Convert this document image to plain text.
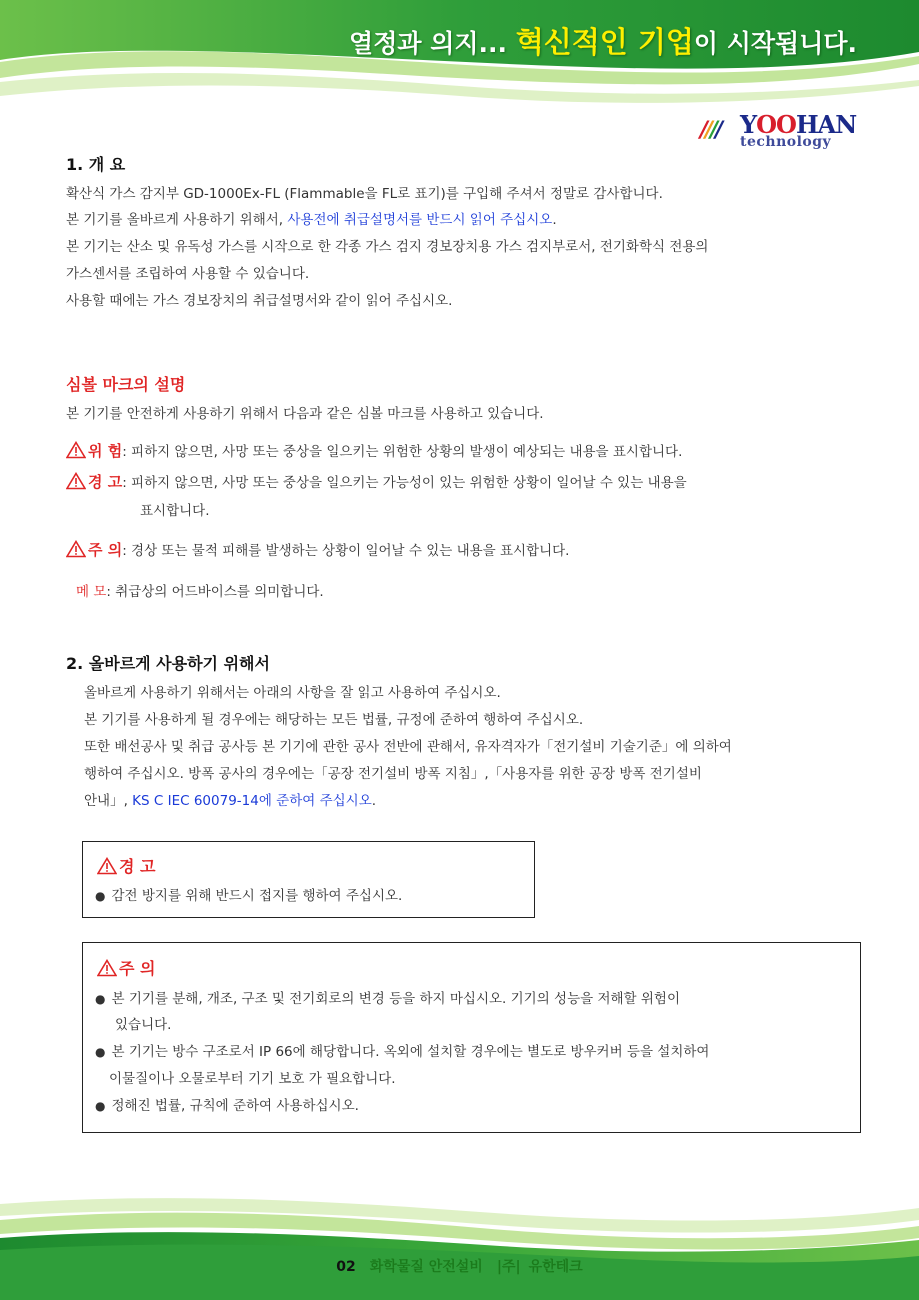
열정과 의지... 혁신적인 기업이 시작됩니다.
//// YOOHAN
technology
1. 개 요
확산식 가스 감지부 GD-1000Ex-FL (Flammable을 FL로 표기)를 구입해 주셔서 정말로 감사합니다.
본 기기를 올바르게 사용하기 위해서, 사용전에 취급설명서를 반드시 읽어 주십시오.
본 기기는 산소 및 유독성 가스를 시작으로 한 각종 가스 검지 경보장치용 가스 검지부로서, 전기화학식 전용의
가스센서를 조립하여 사용할 수 있습니다.
사용할 때에는 가스 경보장치의 취급설명서와 같이 읽어 주십시오.
심볼 마크의 설명
본 기기를 안전하게 사용하기 위해서 다음과 같은 심볼 마크를 사용하고 있습니다.
위 험: 피하지 않으면, 사망 또는 중상을 일으키는 위험한 상황의 발생이 예상되는 내용을 표시합니다.
경 고: 피하지 않으면, 사망 또는 중상을 일으키는 가능성이 있는 위험한 상황이 일어날 수 있는 내용을
표시합니다.
주 의: 경상 또는 물적 피해를 발생하는 상황이 일어날 수 있는 내용을 표시합니다.
메 모: 취급상의 어드바이스를 의미합니다.
2. 올바르게 사용하기 위해서
올바르게 사용하기 위해서는 아래의 사항을 잘 읽고 사용하여 주십시오.
본 기기를 사용하게 될 경우에는 해당하는 모든 법률, 규정에 준하여 행하여 주십시오.
또한 배선공사 및 취급 공사등 본 기기에 관한 공사 전반에 관해서, 유자격자가「전기설비 기술기준」에 의하여
행하여 주십시오. 방폭 공사의 경우에는「공장 전기설비 방폭 지침」,「사용자를 위한 공장 방폭 전기설비
안내」, KS C IEC 60079-14에 준하여 주십시오.
경 고
● 감전 방지를 위해 반드시 접지를 행하여 주십시오.
주 의
● 본 기기를 분해, 개조, 구조 및 전기회로의 변경 등을 하지 마십시오. 기기의 성능을 저해할 위험이
있습니다.
● 본 기기는 방수 구조로서 IP 66에 해당합니다. 옥외에 설치할 경우에는 별도로 방우커버 등을 설치하여
이물질이나 오물로부터 기기 보호 가 필요합니다.
● 정해진 법률, 규칙에 준하여 사용하십시오.
02 화학물질 안전설비 |주| 유한테크
